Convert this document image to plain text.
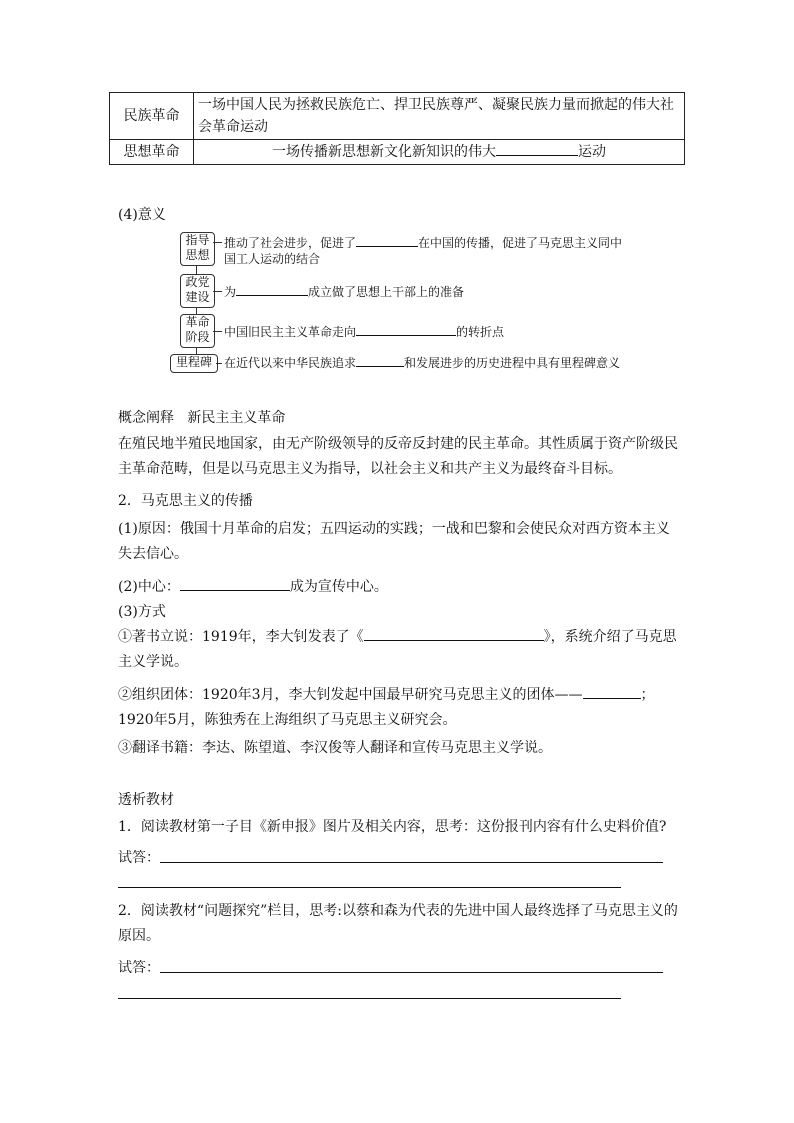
民族革命	一场中国人民为拯救民族危亡、捍卫民族尊严、凝聚民族力量而掀起的伟大社会革命运动
思想革命	一场传播新思想新文化新知识的伟大 运动
(4)意义
指导思想
推动了社会进步，促进了	在中国的传播，促进了马克思主义同中
国工人运动的结合
政党建设	为	成立做了思想上干部上的准备
革命阶段	中国旧民主主义革命走向	的转折点
里程碑	在近代以来中华民族追求	和发展进步的历史进程中具有里程碑意义
概念阐释 新民主主义革命
在殖民地半殖民地国家，由无产阶级领导的反帝反封建的民主革命。其性质属于资产阶级民主革命范畴，但是以马克思主义为指导，以社会主义和共产主义为最终奋斗目标。
2．马克思主义的传播
(1)原因：俄国十月革命的启发；五四运动的实践；一战和巴黎和会使民众对西方资本主义失去信心。
(2)中心：	成为宣传中心。
(3)方式
①著书立说：1919年，李大钊发表了《	》，系统介绍了马克思主义学说。
②组织团体：1920年3月，李大钊发起中国最早研究马克思主义的团体——	；1920年5月，陈独秀在上海组织了马克思主义研究会。
③翻译书籍：李达、陈望道、李汉俊等人翻译和宣传马克思主义学说。
透析教材
1．阅读教材第一子目《新申报》图片及相关内容，思考：这份报刊内容有什么史料价值?
试答：
2．阅读教材“问题探究”栏目，思考:以蔡和森为代表的先进中国人最终选择了马克思主义的原因。
试答：
